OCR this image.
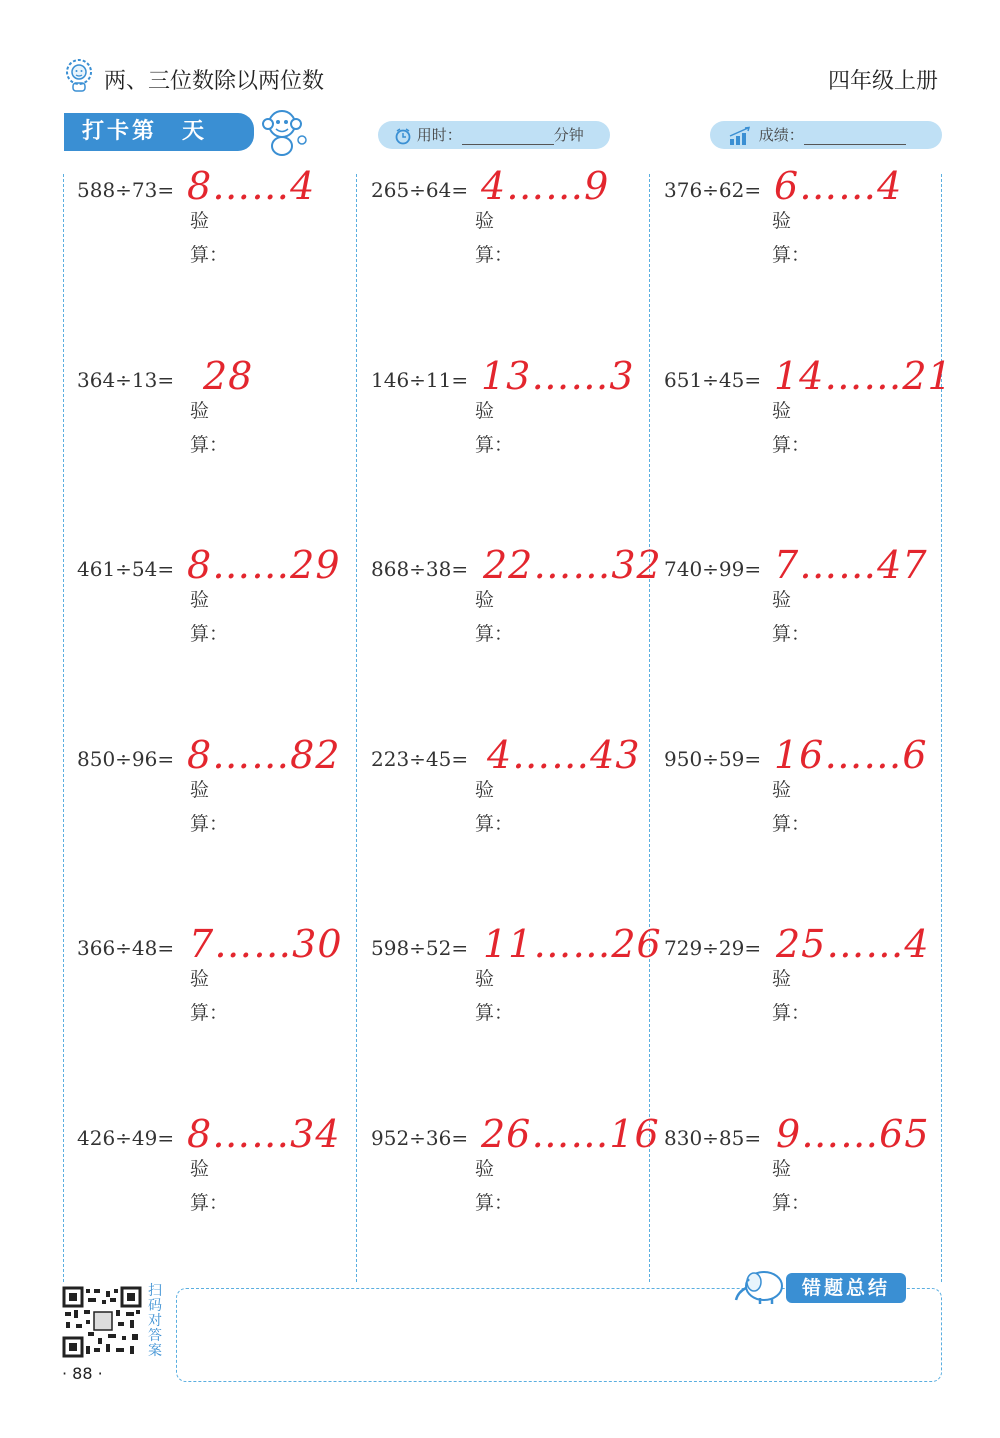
两、三位数除以两位数	四年级上册
打卡第　天	用时：	分钟	成绩：
588÷73= 8……4
验
算：
265÷64= 4……9
验
算：
376÷62= 6……4
验
算：
364÷13= 28
验
算：
146÷11= 13……3
验
算：
651÷45= 14……21
验
算：
461÷54= 8……29
验
算：
868÷38= 22……32
验
算：
740÷99= 7……47
验
算：
850÷96= 8……82
验
算：
223÷45= 4……43
验
算：
950÷59= 16……6
验
算：
366÷48= 7……30
验
算：
598÷52= 11……26
验
算：
729÷29= 25……4
验
算：
426÷49= 8……34
验
算：
952÷36= 26……16
验
算：
830÷85= 9……65
验
算：
扫码对答案
· 88 ·
错题总结
